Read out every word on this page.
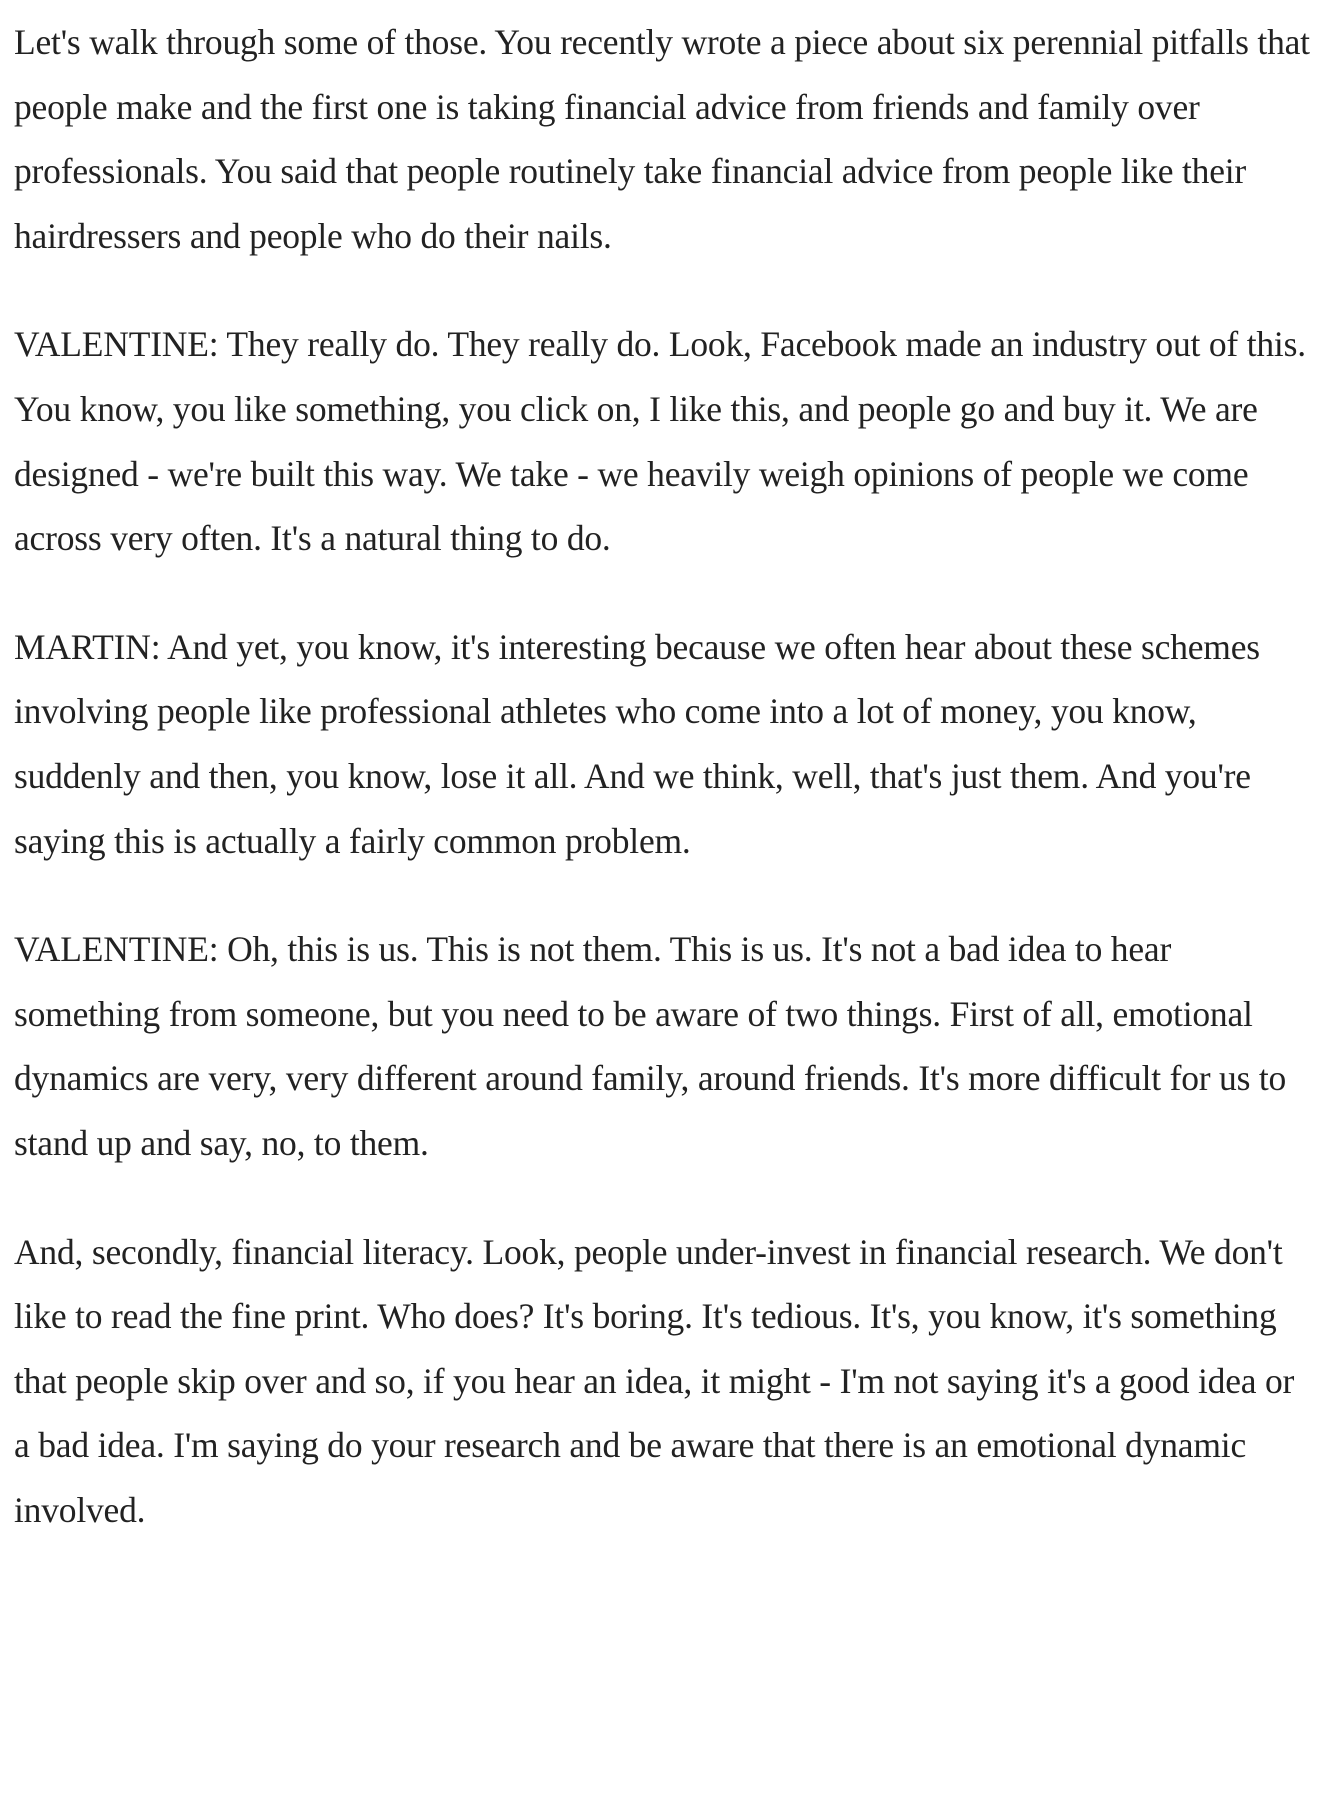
Let's walk through some of those. You recently wrote a piece about six perennial pitfalls that people make and the first one is taking financial advice from friends and family over professionals. You said that people routinely take financial advice from people like their hairdressers and people who do their nails.

VALENTINE: They really do. They really do. Look, Facebook made an industry out of this. You know, you like something, you click on, I like this, and people go and buy it. We are designed - we're built this way. We take - we heavily weigh opinions of people we come across very often. It's a natural thing to do.

MARTIN: And yet, you know, it's interesting because we often hear about these schemes involving people like professional athletes who come into a lot of money, you know, suddenly and then, you know, lose it all. And we think, well, that's just them. And you're saying this is actually a fairly common problem.

VALENTINE: Oh, this is us. This is not them. This is us. It's not a bad idea to hear something from someone, but you need to be aware of two things. First of all, emotional dynamics are very, very different around family, around friends. It's more difficult for us to stand up and say, no, to them.

And, secondly, financial literacy. Look, people under-invest in financial research. We don't like to read the fine print. Who does? It's boring. It's tedious. It's, you know, it's something that people skip over and so, if you hear an idea, it might - I'm not saying it's a good idea or a bad idea. I'm saying do your research and be aware that there is an emotional dynamic involved.
